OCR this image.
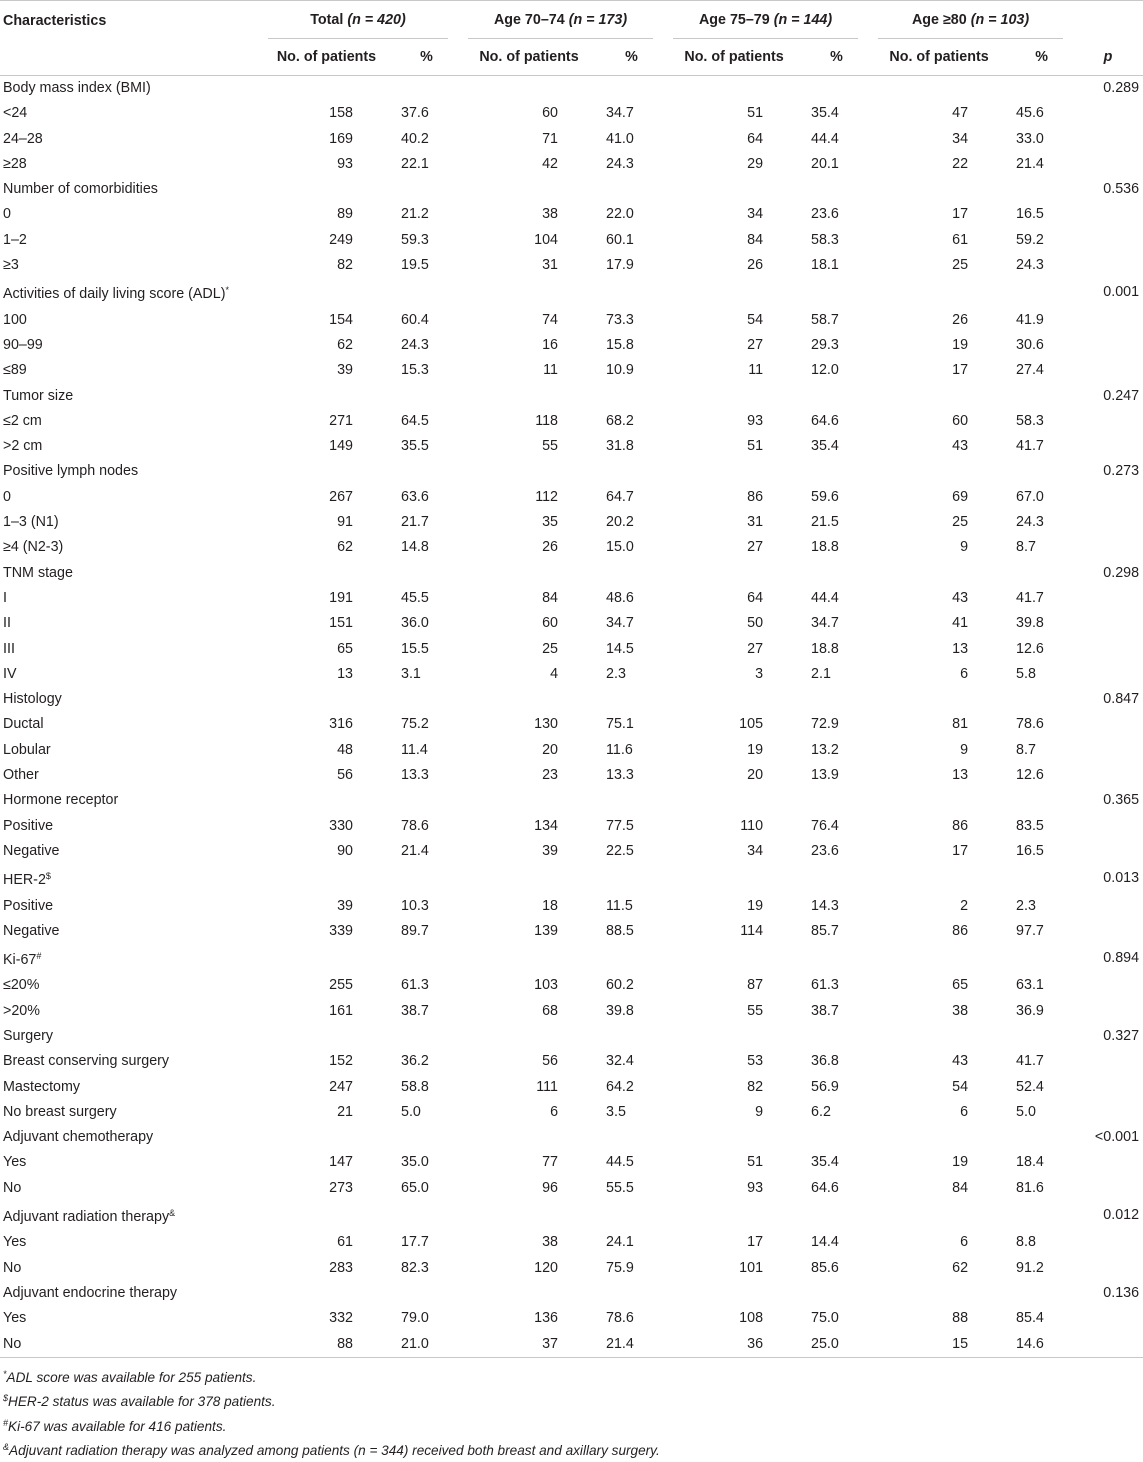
Characteristics	Total (n = 420)		Age 70–74 (n = 173)		Age 75–79 (n = 144)		Age ≥80 (n = 103)		

	No. of patients	%	No. of patients	%	No. of patients	%	No. of patients	%	p
Body mass index (BMI)									0.289
<24	158	37.6	60	34.7	51	35.4	47	45.6	
24–28	169	40.2	71	41.0	64	44.4	34	33.0	
≥28	93	22.1	42	24.3	29	20.1	22	21.4	
Number of comorbidities									0.536
0	89	21.2	38	22.0	34	23.6	17	16.5	
1–2	249	59.3	104	60.1	84	58.3	61	59.2	
≥3	82	19.5	31	17.9	26	18.1	25	24.3	
Activities of daily living score (ADL)*									0.001
100	154	60.4	74	73.3	54	58.7	26	41.9	
90–99	62	24.3	16	15.8	27	29.3	19	30.6	
≤89	39	15.3	11	10.9	11	12.0	17	27.4	
Tumor size									0.247
≤2 cm	271	64.5	118	68.2	93	64.6	60	58.3	
>2 cm	149	35.5	55	31.8	51	35.4	43	41.7	
Positive lymph nodes									0.273
0	267	63.6	112	64.7	86	59.6	69	67.0	
1–3 (N1)	91	21.7	35	20.2	31	21.5	25	24.3	
≥4 (N2-3)	62	14.8	26	15.0	27	18.8	9	8.7	
TNM stage									0.298
I	191	45.5	84	48.6	64	44.4	43	41.7	
II	151	36.0	60	34.7	50	34.7	41	39.8	
III	65	15.5	25	14.5	27	18.8	13	12.6	
IV	13	3.1	4	2.3	3	2.1	6	5.8	
Histology									0.847
Ductal	316	75.2	130	75.1	105	72.9	81	78.6	
Lobular	48	11.4	20	11.6	19	13.2	9	8.7	
Other	56	13.3	23	13.3	20	13.9	13	12.6	
Hormone receptor									0.365
Positive	330	78.6	134	77.5	110	76.4	86	83.5	
Negative	90	21.4	39	22.5	34	23.6	17	16.5	
HER-2$									0.013
Positive	39	10.3	18	11.5	19	14.3	2	2.3	
Negative	339	89.7	139	88.5	114	85.7	86	97.7	
Ki-67#									0.894
≤20%	255	61.3	103	60.2	87	61.3	65	63.1	
>20%	161	38.7	68	39.8	55	38.7	38	36.9	
Surgery									0.327
Breast conserving surgery	152	36.2	56	32.4	53	36.8	43	41.7	
Mastectomy	247	58.8	111	64.2	82	56.9	54	52.4	
No breast surgery	21	5.0	6	3.5	9	6.2	6	5.0	
Adjuvant chemotherapy									<0.001
Yes	147	35.0	77	44.5	51	35.4	19	18.4	
No	273	65.0	96	55.5	93	64.6	84	81.6	
Adjuvant radiation therapy&									0.012
Yes	61	17.7	38	24.1	17	14.4	6	8.8	
No	283	82.3	120	75.9	101	85.6	62	91.2	
Adjuvant endocrine therapy									0.136
Yes	332	79.0	136	78.6	108	75.0	88	85.4	
No	88	21.0	37	21.4	36	25.0	15	14.6	
*ADL score was available for 255 patients.
$HER-2 status was available for 378 patients.
#Ki-67 was available for 416 patients.
&Adjuvant radiation therapy was analyzed among patients (n = 344) received both breast and axillary surgery.
